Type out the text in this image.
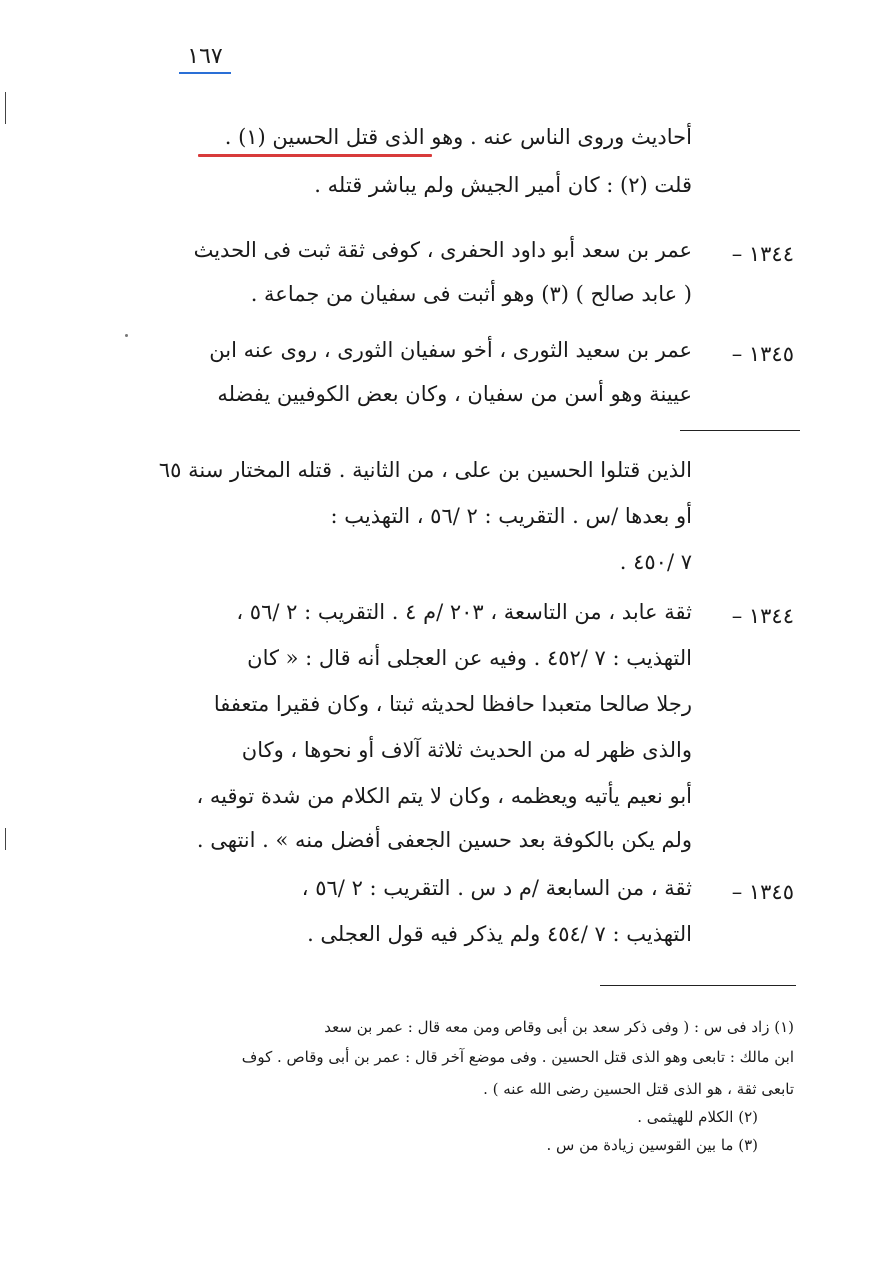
١٦٧
أحاديث وروى الناس عنه . وهو الذى قتل الحسين (١) .
قلت (٢) : كان أمير الجيش ولم يباشر قتله .
١٣٤٤ –
عمر بن سعد أبو داود الحفرى ، كوفى ثقة ثبت فى الحديث
( عابد صالح ) (٣) وهو أثبت فى سفيان من جماعة .
١٣٤٥ –
عمر بن سعيد الثورى ، أخو سفيان الثورى ، روى عنه ابن
عيينة وهو أسن من سفيان ، وكان بعض الكوفيين يفضله
الذين قتلوا الحسين بن على ، من الثانية . قتله المختار سنة ٦٥
أو بعدها /س . التقريب : ٢ /٥٦ ، التهذيب :
٧ /٤٥٠ .
١٣٤٤ –
ثقة عابد ، من التاسعة ، ٢٠٣ /م ٤ . التقريب : ٢ /٥٦ ،
التهذيب : ٧ /٤٥٢ . وفيه عن العجلى أنه قال : « كان
رجلا صالحا متعبدا حافظا لحديثه ثبتا ، وكان فقيرا متعففا
والذى ظهر له من الحديث ثلاثة آلاف أو نحوها ، وكان
أبو نعيم يأتيه ويعظمه ، وكان لا يتم الكلام من شدة توقيه ،
ولم يكن بالكوفة بعد حسين الجعفى أفضل منه » . انتهى .
١٣٤٥ –
ثقة ، من السابعة /م د س . التقريب : ٢ /٥٦ ،
التهذيب : ٧ /٤٥٤ ولم يذكر فيه قول العجلى .
(١) زاد فى س : ( وفى ذكر سعد بن أبى وقاص ومن معه قال : عمر بن سعد
ابن مالك : تابعى وهو الذى قتل الحسين . وفى موضع آخر قال : عمر بن أبى وقاص . كوف
تابعى ثقة ، هو الذى قتل الحسين رضى الله عنه ) .
(٢) الكلام للهيثمى .
(٣) ما بين القوسين زيادة من س .
